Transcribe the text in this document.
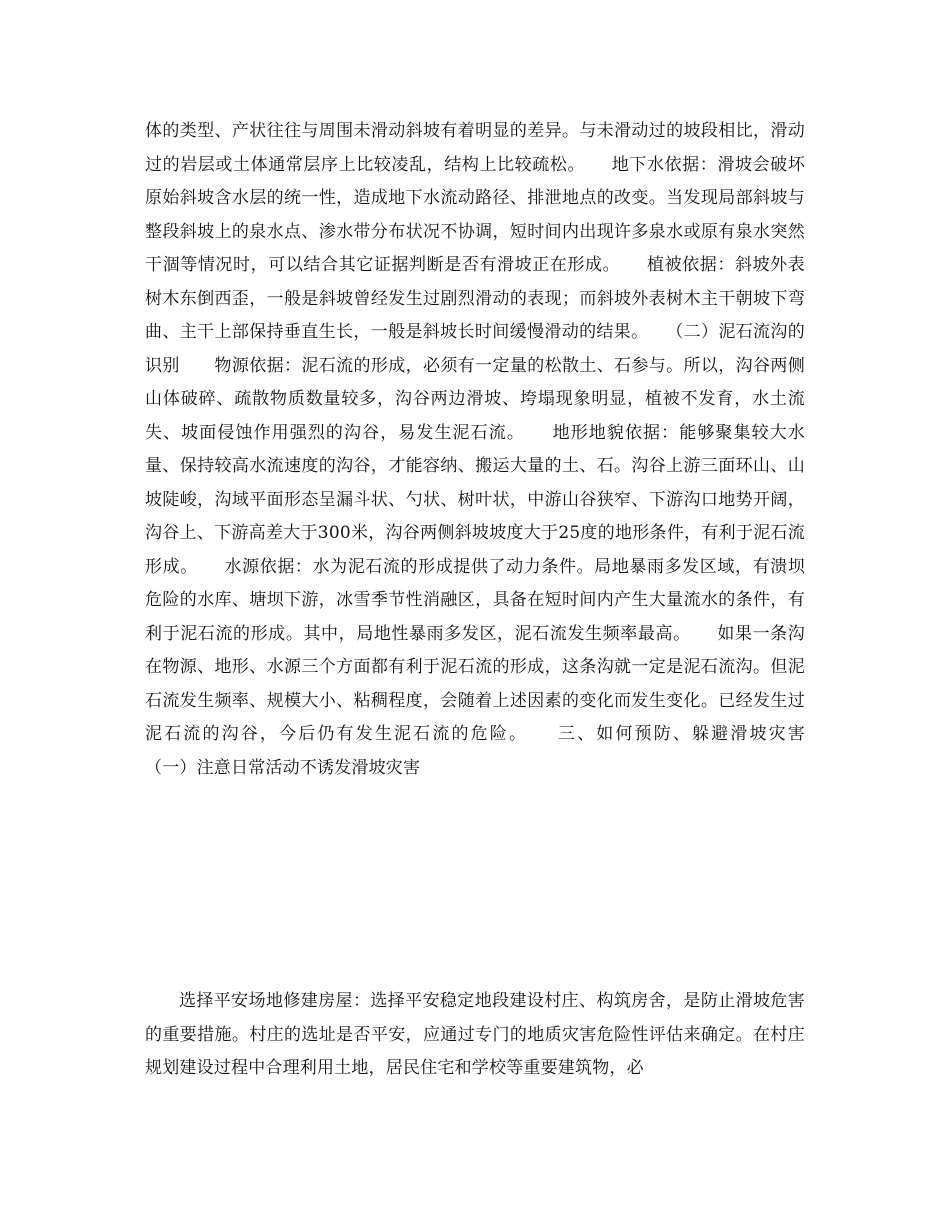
体的类型、产状往往与周围未滑动斜坡有着明显的差异。与未滑动过的坡段相比，滑动过的岩层或土体通常层序上比较凌乱，结构上比较疏松。　　地下水依据：滑坡会破坏原始斜坡含水层的统一性，造成地下水流动路径、排泄地点的改变。当发现局部斜坡与整段斜坡上的泉水点、渗水带分布状况不协调，短时间内出现许多泉水或原有泉水突然干涸等情况时，可以结合其它证据判断是否有滑坡正在形成。　　植被依据：斜坡外表树木东倒西歪，一般是斜坡曾经发生过剧烈滑动的表现；而斜坡外表树木主干朝坡下弯曲、主干上部保持垂直生长，一般是斜坡长时间缓慢滑动的结果。　　（二）泥石流沟的识别　　物源依据：泥石流的形成，必须有一定量的松散土、石参与。所以，沟谷两侧山体破碎、疏散物质数量较多，沟谷两边滑坡、垮塌现象明显，植被不发育，水土流失、坡面侵蚀作用强烈的沟谷，易发生泥石流。　　地形地貌依据：能够聚集较大水量、保持较高水流速度的沟谷，才能容纳、搬运大量的土、石。沟谷上游三面环山、山坡陡峻，沟域平面形态呈漏斗状、勺状、树叶状，中游山谷狭窄、下游沟口地势开阔，沟谷上、下游高差大于300米，沟谷两侧斜坡坡度大于25度的地形条件，有利于泥石流形成。　　水源依据：水为泥石流的形成提供了动力条件。局地暴雨多发区域，有溃坝危险的水库、塘坝下游，冰雪季节性消融区，具备在短时间内产生大量流水的条件，有利于泥石流的形成。其中，局地性暴雨多发区，泥石流发生频率最高。　　如果一条沟在物源、地形、水源三个方面都有利于泥石流的形成，这条沟就一定是泥石流沟。但泥石流发生频率、规模大小、粘稠程度，会随着上述因素的变化而发生变化。已经发生过泥石流的沟谷，今后仍有发生泥石流的危险。　　三、如何预防、躲避滑坡灾害　　（一）注意日常活动不诱发滑坡灾害

选择平安场地修建房屋：选择平安稳定地段建设村庄、构筑房舍，是防止滑坡危害的重要措施。村庄的选址是否平安，应通过专门的地质灾害危险性评估来确定。在村庄规划建设过程中合理利用土地，居民住宅和学校等重要建筑物，必
